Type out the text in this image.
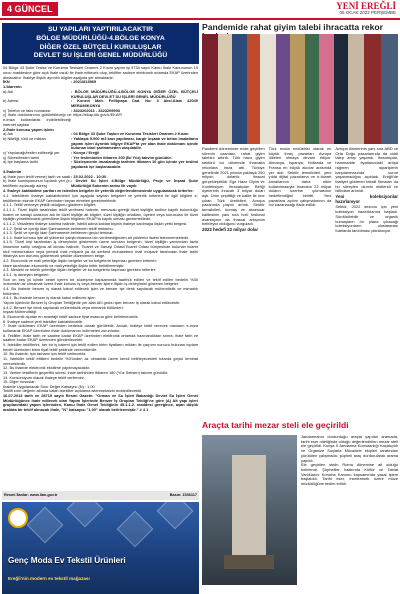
4 GÜNCEL	YENİ EREĞLİ
05 OCAK 2022 PERŞEMBE
SU YAPILARI YAPTIRILACAKTIR
BÖLGE MÜDÜRLÜĞÜ-4.BÖLGE KONYA
DİĞER ÖZEL BÜTÇELİ KURULUŞLAR
DEVLET SU İŞLERİ GENEL MÜDÜRLÜĞÜ

04 Bölge 43 Şube Tesise ve Kurutma Tesisleri Onarımı 2 Kısım yapım işi 4734 sayılı Kamu İhale Kanununun 19 uncu maddesine göre açık ihale usulü ile ihale edilecek olup, teklifler sadece elektronik ortamda EKAP üzerinden alınacaktır. İhaleye ilişkin ayrıntılı bilgiler aşağıda yer almaktadır:

İKN	: 2021/813969

1-İdarenin

a) Adı	: BÖLGE MÜDÜRLÜĞÜ-4.BÖLGE KONYA DİĞER ÖZEL BÜTÇELİ KURULUŞLAR DEVLET SU İŞLERİ GENEL MÜDÜRLÜĞÜ
b) Adresi	: Konevi Mah. Fetihpaşa Cad. No: 3 Aksl.Alanı 42040 MERAM/KONYA
c) Telefon ve faks numarası	: 3323202011 - 3323209993
ç) İhale dokümanının görülebileceği ve e-imza kullanılarak indirilebileceği internet sayfası
: https://ekap.kik.gov.tr/EKAP/

2-İhale konusu yapım işinin

a) Adı	: 04 Bölge 43 Şube Taşkın ve Kurutma Tesisleri Onarımı 2 Kısım
b) Niteliği, türü ve miktarı	: Yaklaşık 5.000 m3 kazı yapılması, kargir inşaatı ve beton imalatların yapımı işleri Ayrıntılı bilgiye EKAP'ta yer alan ihale dokümanı içinde bulunan idari şartnameden ulaşılabilir.
c) Yapılacağı/teslim edileceği yer	: Konya / Ereğli
ç) Süresi/teslim tarihi	: Yer tesliminden itibaren 200 (İki Yüz) takvim günüdür.
d) İşe başlama tarihi	: Sözleşmenin imzalandığı tarihten itibaren 10 gün içinde yer teslimi yapılarak işe başlanacaktır.

3-İhalenin

a) İhale (son teklif verme) tarih ve saati : 15.02.2022 - 10:30
b) İhale komisyonunun toplantı yeri (e-tekliflerin açılacağı adres)
: Devlet Su İşleri 4.Bölge Müdürlüğü, Proje ve İnşaat Şube Müdürlüğü Sobenim ardısı Ilk vayıb

4. İhaleye katılabilme şartları ve istenilen belgeler ile yeterlik değerlendirmesinde uygulanacak kriterler:

4.1. İsteklilerin ihaleye katılabilmeleri için aşağıda sayılan belgeleri ve yeterlik kriterleri ile ilgili bilgileri e-tekliflerinin ekinde EKAP üzerinden beyan etmeleri gerekmektedir.

4.1.1. Teklif vermeye yetkili olduğunu gösteren bilgiler;

4.1.1.1. Tüzel kişilik tarafından teklif verilmesi halinde, mevzuatı gereği tüzel kişiliğin siciline kayıtlı bulunduğu ticaret ve sanayi odasının adı ile tüzel kişiliğe ait bilgiler; tüzel kişiliğin ortakları, üyeleri veya kurucuları ile tüzel kişiliğin yönetimindeki görevlilere ilişkin bilgilerin EKAP'ta kayıtlı olması gerekmektedir.

4.1.1.2. Vekaleten ihaleye katılma halinde, istekli adına katılan kişinin ihaleye katılmaya ilişkin yetki belgesi.

4.1.2. Şekli ve içeriği İdari Şartnamede belirlenen teklif mektubu.

4.1.3. Şekli ve içeriği İdari Şartnamede belirlenen geçici teminat.

4.1.4. İhale konusu işte alt yüklenici çalıştırılmasına izin verilmediğinden alt yüklenici listesi istenmemektedir.

4.1.5. Tüzel kişi tarafından iş deneyimini göstermek üzere sunulan belgenin, tüzel kişiliğin yarısından fazla hissesine sahip ortağına ait olması halinde, Ticaret ve Sanayi Odası/Ticaret Odası bünyesinde bulunan ticaret sicil memurlukları veya yeminli mali müşavir ya da serbest muhasebeci mali müşavir tarafından ihale tarihi itibarıyla son durumu gösterecek şekilde düzenlenen belge.

4.2. Ekonomik ve mali yeterliğe ilişkin belgeler ve bu belgelerin taşıması gereken kriterler:

İdare tarafından ekonomik ve mali yeterliğe ilişkin kriter belirtilmemiştir.

4.3. Mesleki ve teknik yeterliğe ilişkin belgeler ve bu belgelerin taşıması gereken kriterler:

4.3.1. İş deneyim belgeleri:

Son on beş yıl içinde bedel içeren bir sözleşme kapsamında taahhüt edilen ve teklif edilen bedelin %30 oranından az olmamak üzere ihale konusu iş veya benzer işlere ilişkin iş deneyimini gösteren belgeler.

4.4. Bu ihalede benzer iş olarak kabul edilecek işler ve benzer işe denk sayılacak mühendislik ve mimarlık bölümleri:

4.4.1. Bu ihalede benzer iş olarak kabul edilecek işler:

Yapım İşlerinde Benzer İş Grupları Tebliğinde yer alan AIII grubu işler benzer iş olarak kabul edilecektir.

4.4.2. Benzer işe denk sayılacak mühendislik veya mimarlık bölümleri:

İnşaat Mühendisliği

5. Ekonomik açıdan en avantajlı teklif sadece fiyat esasına göre belirlenecektir.

6. İhaleye sadece yerli istekliler katılabilecektir.

7. İhale dokümanı EKAP üzerinden bedelsiz olarak görülebilir. Ancak, ihaleye teklif verecek olanların e-imza kullanarak EKAP üzerinden ihale dokümanını indirmeleri zorunludur.

8. Teklifler, ihale tarih ve saatine kadar EKAP üzerinden elektronik ortamda hazırlandıktan sonra, ihale tarih ve saatine kadar EKAP üzerinden gönderilecektir.

9. İstekliler tekliflerini, her bir iş kalemi için teklif edilen birim fiyatların miktarı ile çarpımı sonucu bulunan toplam bedel üzerinden birim fiyat teklif şeklinde vereceklerdir.

10. Bu ihalede, işin tamamı için teklif verilecektir.

11. İstekliler teklif ettikleri bedelin %3'ünden az olmamak üzere kendi belirleyecekleri tutarda geçici teminat vereceklerdir.

12. Bu ihalede elektronik eksiltme yapılmayacaktır.

13. Verilen tekliflerin geçerlilik süresi, ihale tarihinden itibaren 180 (Yüz Seksen) takvim günüdür.

14. Konsorsiyum olarak ihaleye teklif verilemez.

15. Diğer hususlar:

İhalede Uygulanacak Sınır Değer Katsayısı (N) : 1,00

Teklifi sınır değerin altında kalan istekliler açıklama istenmeksizin reddedilecektir.

16.07.2013 tarih ve 28719 sayılı Resmi Gazete: "Orman ve Su İşleri Bakanlığı Devlet Su İşleri Genel Müdürlüğünce ihale edilecek olan Yapım İşlerinde Benzer İş Grupları Tebliği'ne göre (A) Alt yapı işleri gruplarındaki yapım işlerinden, Kamu İhale Genel Tebliğinin 45.1.1.2. maddesi gereğince, aşan düşük aralıkta bir teklif alınacak ihale, "N" katsayısı "1.00" olarak belirlenmiştir." # 4 1

Resmi İlanlar: www.ilan.gov.tr	Basın: 1536117
Genç Moda Ev Tekstil Ürünleri
Ereğli'nin modern ev tekstil mağazası
Pandemide rahat giyim talebi ihracatta rekor

Pandemi döneminde evde geçirilen sürenin uzaması, rahat giyim talebini artırdı. Türk hazır giyim sektörü bu dönemde ihracatta rekorlara imza attı. Türkiye genelinde 2021 yılında yaklaşık 250 milyon dolarlık ihracat gerçekleştirildi. Ege Hazır Giyim ve Konfeksiyon İhracatçıları Birliği üyelerinin ihracatı 3 milyar doları aştı. Ürün çeşitliliği ve kalite ile öne çıkan Türk üreticileri, Avrupa pazarında payını artırdı. Sektör temsilcileri, kumaş ve aksesuar kalitesinin yanı sıra hızlı teslimat avantajının da ihracat artışında belirleyici olduğunu vurguladı.

2022 hedefi 22 milyar dolar

Türk moda endüstrisi olarak en büyük ihraç pazarları Avrupa ülkeleri olmaya devam ediyor. Almanya, İspanya, Hollanda ve Fransa en büyük alıcılar arasında yer aldı. Sektör temsilcileri, yeni yılda dijital pazarlama ve e-ticaret kanallarının daha etkin kullanılmasıyla ihracatın 22 milyar doların üzerine çıkmasının hedeflendiğini belirtti. Yeni pazarlara açılım çalışmalarının da hız kazanacağı ifade edildi.

Avrupa ülkelerinin yanı sıra ABD ve Orta Doğu pazarlarında da ciddi talep artışı yaşandı. İhracatçılar, hammadde fiyatlarındaki artışa rağmen siparişlerin karşılanmasında sorun yaşanmadığını açıkladı. Ereğli'de faaliyet gösteren tekstil firmaları da bu süreçten olumlu etkilendi ve istihdam artırıldı.

Yeni koleksiyonlar hazırlanıyor

Sektör, 2022 sezonu için yeni koleksiyon hazırlıklarına başladı. Sürdürülebilir ve organik kumaşların ön plana çıkacağı koleksiyonların uluslararası fuarlarda tanıtılması planlanıyor.

Araçta tarihi mezar steli ele geçirildi

Jandarmanın durdurduğu araçta yapılan aramada, tarihi eser niteliğinde olduğu değerlendirilen mezar steli ele geçirildi. Konya İl Jandarma Komutanlığı Kaçakçılık ve Organize Suçlarla Mücadele ekipleri tarafından yürütülen çalışmada, şüpheli araç durdurularak arama yapıldı.

Ele geçirilen stelin Roma dönemine ait olduğu belirlendi. Şüpheliler hakkında Kültür ve Tabiat Varlıklarını Koruma Kanunu kapsamında yasal işlem başlatıldı. Tarihi eser, incelenmek üzere müze müdürlüğüne teslim edildi.
